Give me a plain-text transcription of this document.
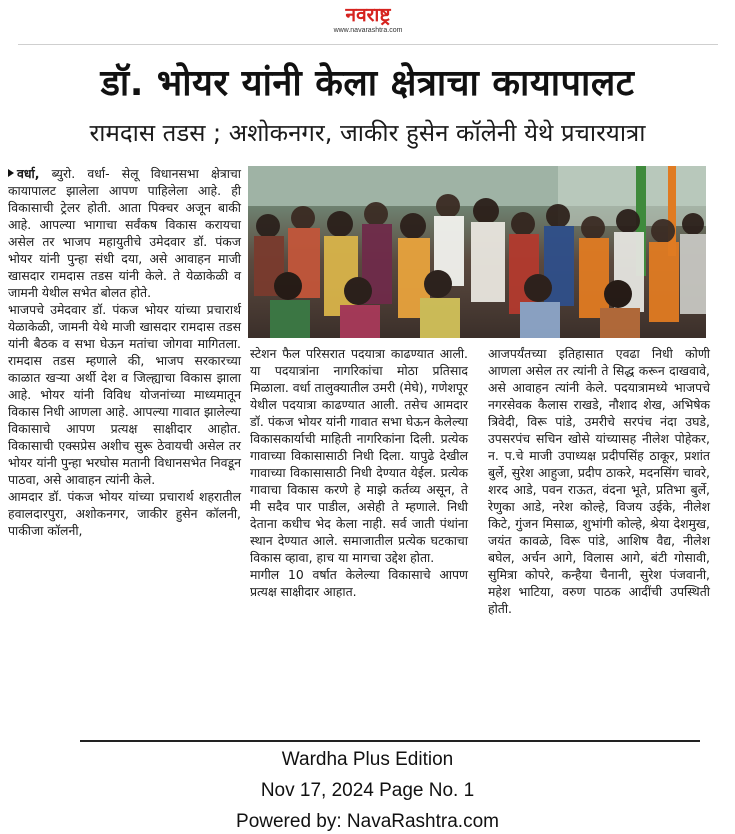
नवराष्ट्र
www.navarashtra.com
डॉ. भोयर यांनी केला क्षेत्राचा कायापालट
रामदास तडस ; अशोकनगर, जाकीर हुसेन कॉलेनी येथे प्रचारयात्रा

वर्धा, ब्युरो. वर्धा- सेलू विधानसभा क्षेत्राचा कायापालट झालेला आपण पाहिलेला आहे. ही विकासाची ट्रेलर होती. आता पिक्चर अजून बाकी आहे. आपल्या भागाचा सर्वंकष विकास करायचा असेल तर भाजप महायुतीचे उमेदवार डॉ. पंकज भोयर यांनी पुन्हा संधी दया, असे आवाहन माजी खासदार रामदास तडस यांनी केले. ते येळाकेळी व जामनी येथील सभेत बोलत होते.

भाजपचे उमेदवार डॉ. पंकज भोयर यांच्या प्रचारार्थ येळाकेळी, जामनी येथे माजी खासदार रामदास तडस यांनी बैठक व सभा घेऊन मतांचा जोगवा मागितला. रामदास तडस म्हणाले की, भाजप सरकारच्या काळात खऱ्या अर्थी देश व जिल्ह्याचा विकास झाला आहे. भोयर यांनी विविध योजनांच्या माध्यमातून विकास निधी आणला आहे. आपल्या गावात झालेल्या विकासाचे आपण प्रत्यक्ष साक्षीदार आहोत. विकासाची एक्सप्रेस अशीच सुरू ठेवायची असेल तर भोयर यांनी पुन्हा भरघोस मतानी विधानसभेत निवडून पाठवा, असे आवाहन त्यांनी केले.

आमदार डॉ. पंकज भोयर यांच्या प्रचारार्थ शहरातील हवालदारपुरा, अशोकनगर, जाकीर हुसेन कॉलनी, पाकीजा कॉलनी,

स्टेशन फैल परिसरात पदयात्रा काढण्यात आली. या पदयात्रांना नागरिकांचा मोठा प्रतिसाद मिळाला. वर्धा तालुक्यातील उमरी (मेघे), गणेशपूर येथील पदयात्रा काढण्यात आली. तसेच आमदार डॉ. पंकज भोयर यांनी गावात सभा घेऊन केलेल्या विकासकार्याची माहिती नागरिकांना दिली. प्रत्येक गावाच्या विकासासाठी निधी दिला. यापुढे देखील गावाच्या विकासासाठी निधी देण्यात येईल. प्रत्येक गावाचा विकास करणे हे माझे कर्तव्य असून, ते मी सदैव पार पाडील, असेही ते म्हणाले. निधी देताना कधीच भेद केला नाही. सर्व जाती पंथांना स्थान देण्यात आले. समाजातील प्रत्येक घटकाचा विकास व्हावा, हाच या मागचा उद्देश होता.

मागील 10 वर्षात केलेल्या विकासाचे आपण प्रत्यक्ष साक्षीदार आहात.

आजपर्यंतच्या इतिहासात एवढा निधी कोणी आणला असेल तर त्यांनी ते सिद्ध करून दाखवावे, असे आवाहन त्यांनी केले. पदयात्रामध्ये भाजपचे नगरसेवक कैलास राखडे, नौशाद शेख, अभिषेक त्रिवेदी, विरू पांडे, उमरीचे सरपंच नंदा उघडे, उपसरपंच सचिन खोसे यांच्यासह नीलेश पोहेकर, न. प.चे माजी उपाध्यक्ष प्रदीपसिंह ठाकूर, प्रशांत बुर्ले, सुरेश आहुजा, प्रदीप ठाकरे, मदनसिंग चावरे, शरद आडे, पवन राऊत, वंदना भूते, प्रतिभा बुर्ले, रेणुका आडे, नरेश कोल्हे, विजय उईके, नीलेश किटे, गुंजन मिसाळ, शुभांगी कोल्हे, श्रेया देशमुख, जयंत कावळे, विरू पांडे, आशिष वैद्य, नीलेश बघेल, अर्चन आगे, विलास आगे, बंटी गोसावी, सुमित्रा कोपरे, कन्हैया चैनानी, सुरेश पंजवानी, महेश भाटिया, वरुण पाठक आदींची उपस्थिती होती.

Wardha Plus Edition
Nov 17, 2024 Page No. 1
Powered by: NavaRashtra.com
